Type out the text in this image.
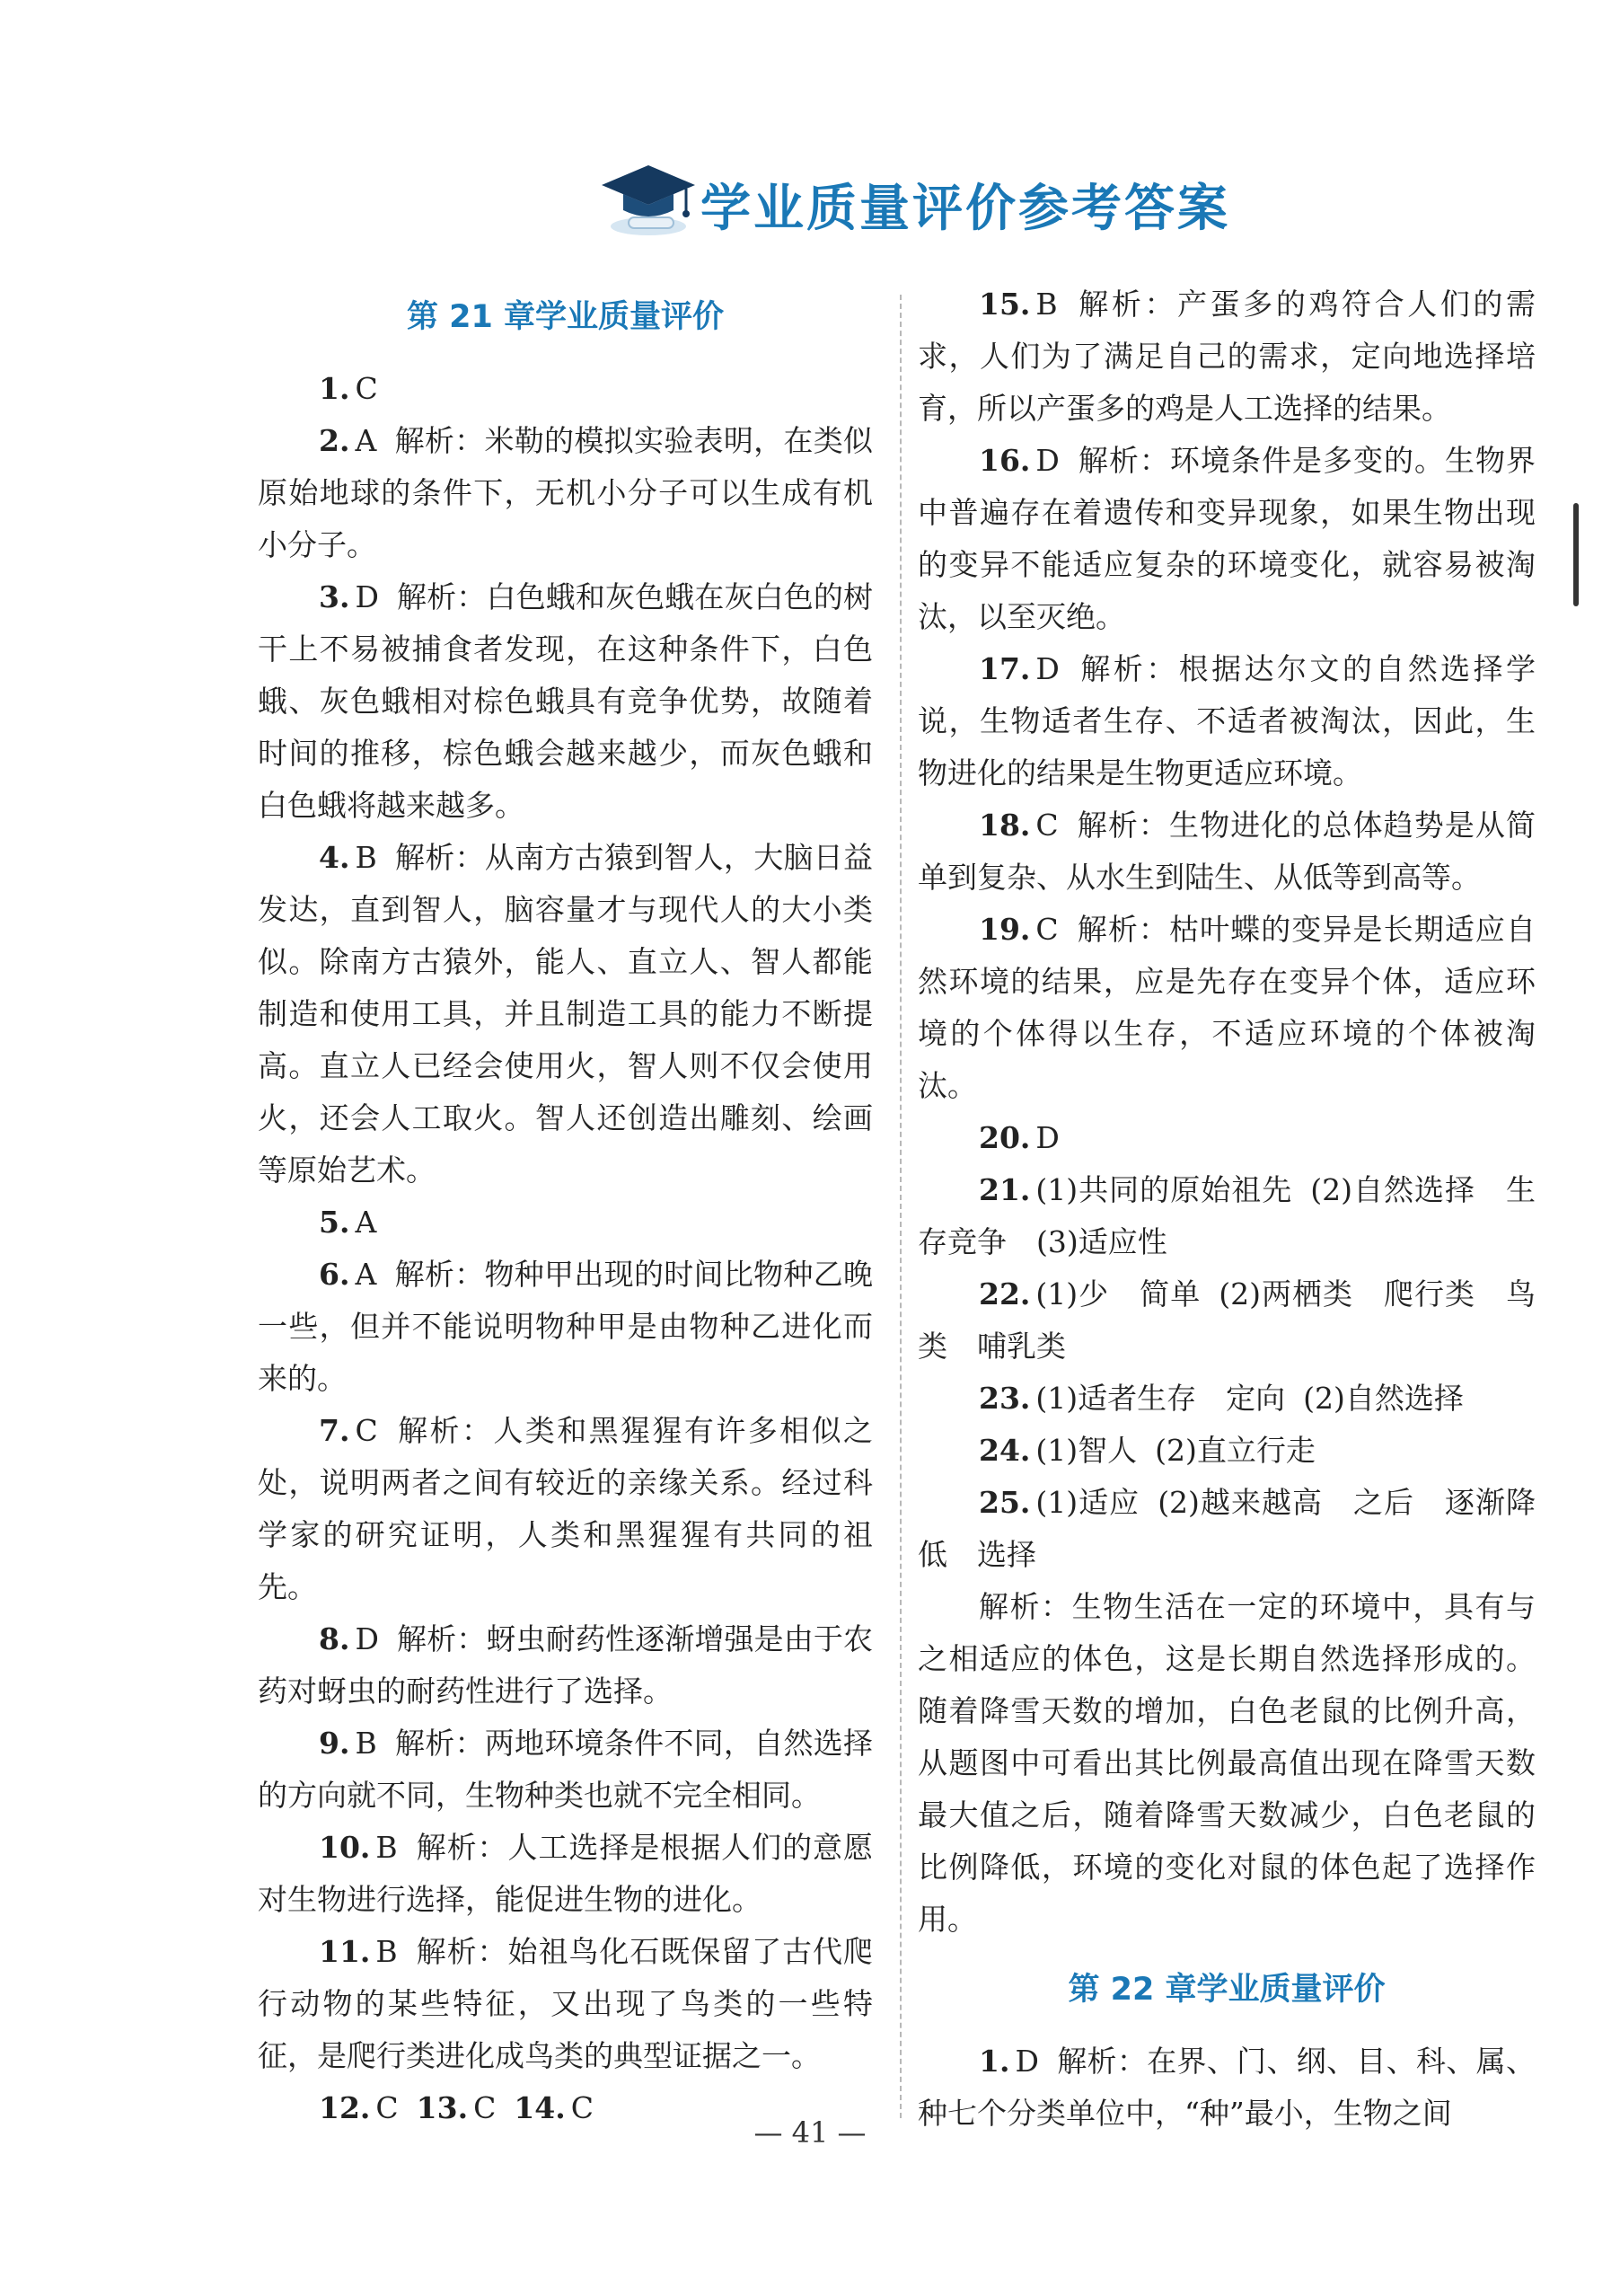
学业质量评价参考答案
第 21 章学业质量评价

1. C

2. A 解析：米勒的模拟实验表明，在类似原始地球的条件下，无机小分子可以生成有机小分子。

3. D 解析：白色蛾和灰色蛾在灰白色的树干上不易被捕食者发现，在这种条件下，白色蛾、灰色蛾相对棕色蛾具有竞争优势，故随着时间的推移，棕色蛾会越来越少，而灰色蛾和白色蛾将越来越多。

4. B 解析：从南方古猿到智人，大脑日益发达，直到智人，脑容量才与现代人的大小类似。除南方古猿外，能人、直立人、智人都能制造和使用工具，并且制造工具的能力不断提高。直立人已经会使用火，智人则不仅会使用火，还会人工取火。智人还创造出雕刻、绘画等原始艺术。

5. A

6. A 解析：物种甲出现的时间比物种乙晚一些，但并不能说明物种甲是由物种乙进化而来的。

7. C 解析：人类和黑猩猩有许多相似之处，说明两者之间有较近的亲缘关系。经过科学家的研究证明，人类和黑猩猩有共同的祖先。

8. D 解析：蚜虫耐药性逐渐增强是由于农药对蚜虫的耐药性进行了选择。

9. B 解析：两地环境条件不同，自然选择的方向就不同，生物种类也就不完全相同。

10. B 解析：人工选择是根据人们的意愿对生物进行选择，能促进生物的进化。

11. B 解析：始祖鸟化石既保留了古代爬行动物的某些特征，又出现了鸟类的一些特征，是爬行类进化成鸟类的典型证据之一。

12. C 13. C 14. C

15. B 解析：产蛋多的鸡符合人们的需求，人们为了满足自己的需求，定向地选择培育，所以产蛋多的鸡是人工选择的结果。

16. D 解析：环境条件是多变的。生物界中普遍存在着遗传和变异现象，如果生物出现的变异不能适应复杂的环境变化，就容易被淘汰，以至灭绝。

17. D 解析：根据达尔文的自然选择学说，生物适者生存、不适者被淘汰，因此，生物进化的结果是生物更适应环境。

18. C 解析：生物进化的总体趋势是从简单到复杂、从水生到陆生、从低等到高等。

19. C 解析：枯叶蝶的变异是长期适应自然环境的结果，应是先存在变异个体，适应环境的个体得以生存，不适应环境的个体被淘汰。

20. D

21. (1)共同的原始祖先 (2)自然选择　生存竞争　(3)适应性

22. (1)少　简单 (2)两栖类　爬行类　鸟类　哺乳类

23. (1)适者生存　定向 (2)自然选择

24. (1)智人 (2)直立行走

25. (1)适应 (2)越来越高　之后　逐渐降低　选择

解析：生物生活在一定的环境中，具有与之相适应的体色，这是长期自然选择形成的。随着降雪天数的增加，白色老鼠的比例升高，从题图中可看出其比例最高值出现在降雪天数最大值之后，随着降雪天数减少，白色老鼠的比例降低，环境的变化对鼠的体色起了选择作用。

第 22 章学业质量评价

1. D 解析：在界、门、纲、目、科、属、种七个分类单位中，“种”最小，生物之间

— 41 —
